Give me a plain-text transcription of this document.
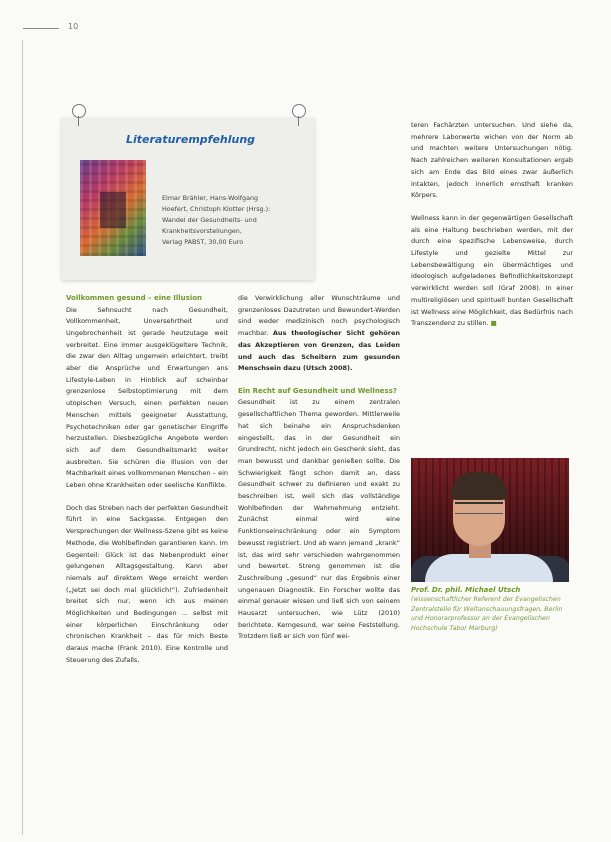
10
Literaturempfehlung
Elmar Brähler, Hans-Wolfgang
Hoefert, Christoph Klotter (Hrsg.):
Wandel der Gesundheits- und
Krankheitsvorstellungen,
Verlag PABST, 30,00 Euro
Vollkommen gesund – eine Illusion

Die Sehnsucht nach Gesundheit, Vollkommenheit, Unversehrtheit und Ungebrochenheit ist gerade heutzutage weit verbreitet. Eine immer ausgeklügeltere Technik, die zwar den Alltag ungemein erleichtert, treibt aber die Ansprüche und Erwartungen ans Lifestyle-Leben in Hinblick auf scheinbar grenzenlose Selbstoptimierung mit dem utopischen Versuch, einen perfekten neuen Menschen mittels geeigneter Ausstattung, Psychotechniken oder gar genetischer Eingriffe herzustellen. Diesbezügliche Angebote werden sich auf dem Gesundheitsmarkt weiter ausbreiten. Sie schüren die Illusion von der Machbarkeit eines vollkommenen Menschen – ein Leben ohne Krankheiten oder seelische Konflikte.

Doch das Streben nach der perfekten Gesundheit führt in eine Sackgasse. Entgegen den Versprechungen der Wellness-Szene gibt es keine Methode, die Wohlbefinden garantieren kann. Im Gegenteil: Glück ist das Nebenprodukt einer gelungenen Alltagsgestaltung. Kann aber niemals auf direktem Wege erreicht werden („Jetzt sei doch mal glücklich!“). Zufriedenheit breitet sich nur, wenn ich aus meinen Möglichkeiten und Bedingungen ... selbst mit einer körperlichen Einschränkung oder chronischen Krankheit – das für mich Beste daraus mache (Frank 2010). Eine Kontrolle und Steuerung des Zufalls,

die Verwirklichung aller Wunschträume und grenzenloses Dazutreten und Bewundert-Werden sind weder medizinisch noch psychologisch machbar. Aus theologischer Sicht gehören das Akzeptieren von Grenzen, das Leiden und auch das Scheitern zum gesunden Menschsein dazu (Utsch 2008).

Ein Recht auf Gesundheit und Wellness?

Gesundheit ist zu einem zentralen gesellschaftlichen Thema geworden. Mittlerweile hat sich beinahe ein Anspruchsdenken eingestellt, das in der Gesundheit ein Grundrecht, nicht jedoch ein Geschenk sieht, das man bewusst und dankbar genießen sollte. Die Schwierigkeit fängt schon damit an, dass Gesundheit schwer zu definieren und exakt zu beschreiben ist, weil sich das vollständige Wohlbefinden der Wahrnehmung entzieht. Zunächst einmal wird eine Funktionseinschränkung oder ein Symptom bewusst registriert. Und ab wann jemand „krank“ ist, das wird sehr verschieden wahrgenommen und bewertet. Streng genommen ist die Zuschreibung „gesund“ nur das Ergebnis einer ungenauen Diagnostik. Ein Forscher wollte das einmal genauer wissen und ließ sich von seinem Hausarzt untersuchen, wie Lütz (2010) berichtete. Kerngesund, war seine Feststellung. Trotzdem ließ er sich von fünf wei-

teren Fachärzten untersuchen. Und siehe da, mehrere Laborwerte wichen von der Norm ab und machten weitere Untersuchungen nötig. Nach zahlreichen weiteren Konsultationen ergab sich am Ende das Bild eines zwar äußerlich intakten, jedoch innerlich ernsthaft kranken Körpers.

Wellness kann in der gegenwärtigen Gesellschaft als eine Haltung beschrieben werden, mit der durch eine spezifische Lebensweise, durch Lifestyle und gezielte Mittel zur Lebensbewältigung ein übermächtiges und ideologisch aufgeladenes Befindlichkeitskonzept verwirklicht werden soll (Graf 2008). In einer multireligiösen und spirituell bunten Gesellschaft ist Wellness eine Möglichkeit, das Bedürfnis nach Transzendenz zu stillen. ■

Prof. Dr. phil. Michael Utsch
(wissenschaftlicher Referent der Evangelischen Zentralstelle für Weltanschauungsfragen, Berlin und Honorarprofessor an der Evangelischen Hochschule Tabor Marburg)
